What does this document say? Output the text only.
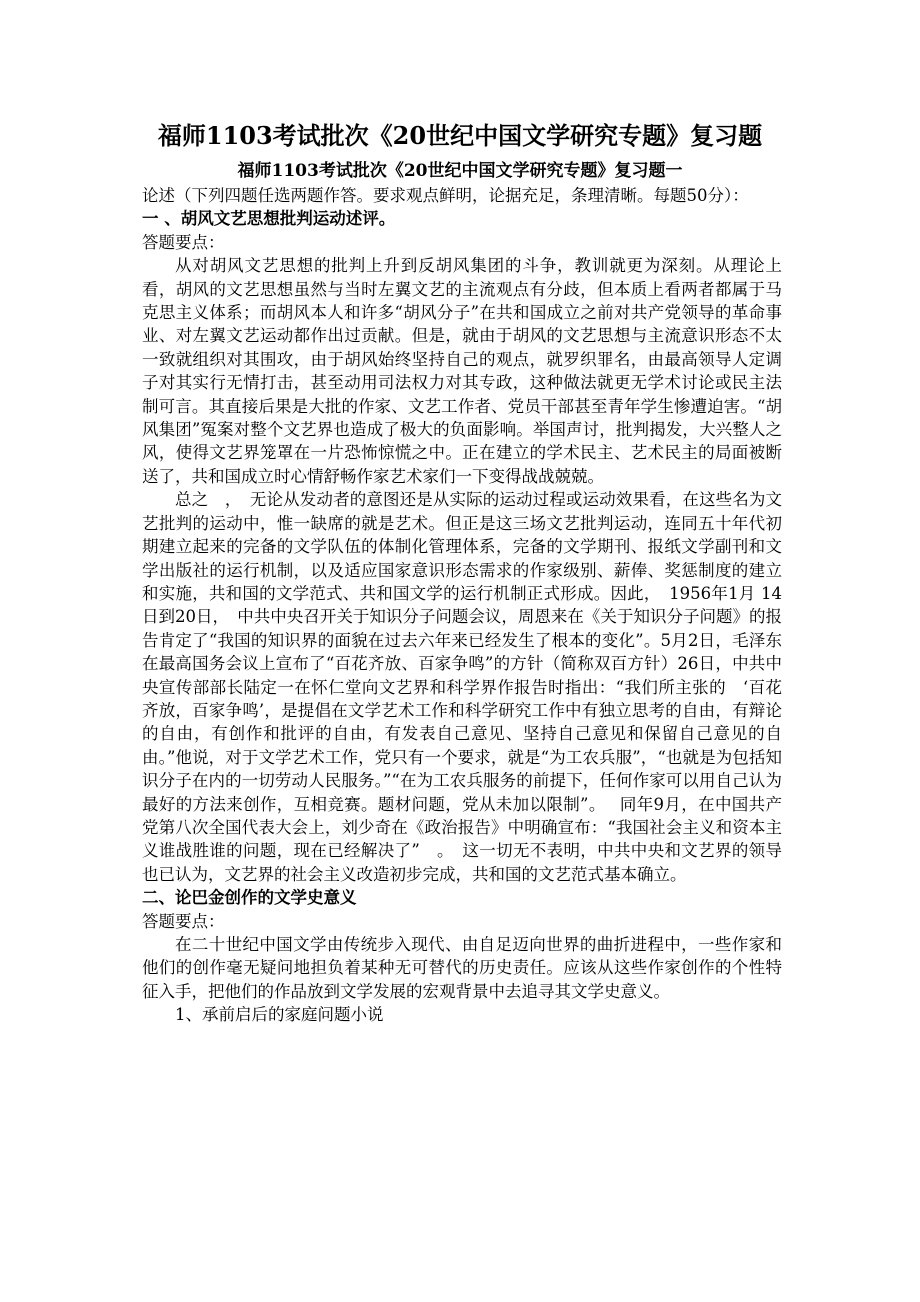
福师1103考试批次《20世纪中国文学研究专题》复习题
福师1103考试批次《20世纪中国文学研究专题》复习题一

论述（下列四题任选两题作答。要求观点鲜明，论据充足，条理清晰。每题50分）：

一 、胡风文艺思想批判运动述评。

答题要点：

从对胡风文艺思想的批判上升到反胡风集团的斗争，教训就更为深刻。从理论上看，胡风的文艺思想虽然与当时左翼文艺的主流观点有分歧，但本质上看两者都属于马克思主义体系；而胡风本人和许多“胡风分子”在共和国成立之前对共产党领导的革命事业、对左翼文艺运动都作出过贡献。但是，就由于胡风的文艺思想与主流意识形态不太一致就组织对其围攻，由于胡风始终坚持自己的观点，就罗织罪名，由最高领导人定调子对其实行无情打击，甚至动用司法权力对其专政，这种做法就更无学术讨论或民主法制可言。其直接后果是大批的作家、文艺工作者、党员干部甚至青年学生惨遭迫害。“胡风集团”冤案对整个文艺界也造成了极大的负面影响。举国声讨，批判揭发，大兴整人之风，使得文艺界笼罩在一片恐怖惊慌之中。正在建立的学术民主、艺术民主的局面被断送了，共和国成立时心情舒畅作家艺术家们一下变得战战兢兢。

总之　，　无论从发动者的意图还是从实际的运动过程或运动效果看，在这些名为文艺批判的运动中，惟一缺席的就是艺术。但正是这三场文艺批判运动，连同五十年代初期建立起来的完备的文学队伍的体制化管理体系，完备的文学期刊、报纸文学副刊和文学出版社的运行机制，以及适应国家意识形态需求的作家级别、薪俸、奖惩制度的建立和实施，共和国的文学范式、共和国文学的运行机制正式形成。因此，　1956年1月 14日到20日，　中共中央召开关于知识分子问题会议，周恩来在《关于知识分子问题》的报告肯定了“我国的知识界的面貌在过去六年来已经发生了根本的变化”。5月2日，毛泽东在最高国务会议上宣布了“百花齐放、百家争鸣”的方针（简称双百方针）26日，中共中央宣传部部长陆定一在怀仁堂向文艺界和科学界作报告时指出：“我们所主张的　‘百花齐放，百家争鸣’，是提倡在文学艺术工作和科学研究工作中有独立思考的自由，有辩论的自由，有创作和批评的自由，有发表自己意见、坚持自己意见和保留自己意见的自由。”他说，对于文学艺术工作，党只有一个要求，就是“为工农兵服”，“也就是为包括知识分子在内的一切劳动人民服务。”“在为工农兵服务的前提下，任何作家可以用自己认为最好的方法来创作，互相竞赛。题材问题，党从未加以限制”。　 同年9月，在中国共产党第八次全国代表大会上，刘少奇在《政治报告》中明确宣布：“我国社会主义和资本主义谁战胜谁的问题，现在已经解决了”　。　这一切无不表明，中共中央和文艺界的领导也已认为，文艺界的社会主义改造初步完成，共和国的文艺范式基本确立。

二、论巴金创作的文学史意义

答题要点：

在二十世纪中国文学由传统步入现代、由自足迈向世界的曲折进程中，一些作家和他们的创作毫无疑问地担负着某种无可替代的历史责任。应该从这些作家创作的个性特征入手，把他们的作品放到文学发展的宏观背景中去追寻其文学史意义。

1、承前启后的家庭问题小说
